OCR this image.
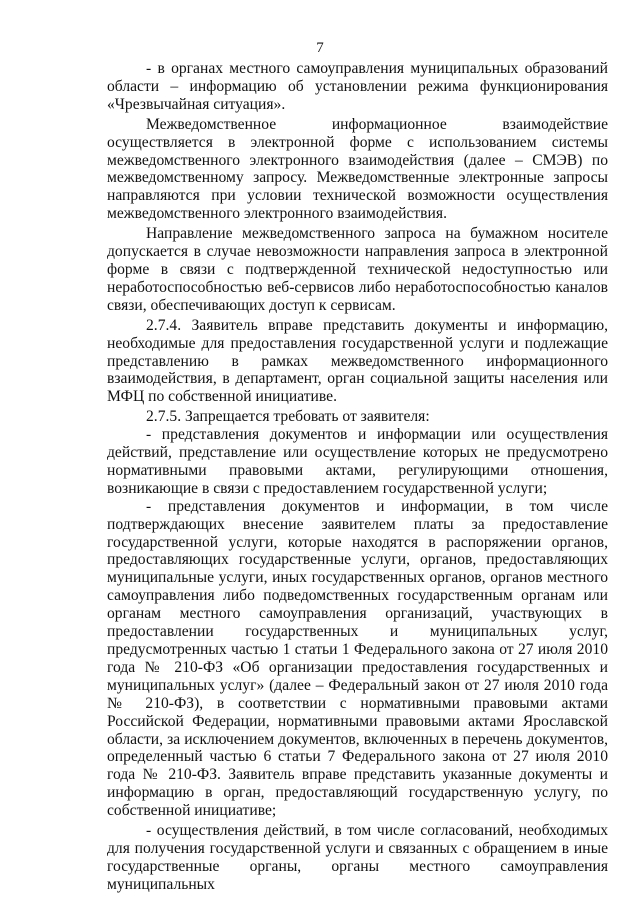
7

- в органах местного самоуправления муниципальных образований области – информацию об установлении режима функционирования «Чрезвычайная ситуация».

Межведомственное информационное взаимодействие осуществляется в электронной форме с использованием системы межведомственного электронного взаимодействия (далее – СМЭВ) по межведомственному запросу. Межведомственные электронные запросы направляются при условии технической возможности осуществления межведомственного электронного взаимодействия.

Направление межведомственного запроса на бумажном носителе допускается в случае невозможности направления запроса в электронной форме в связи с подтвержденной технической недоступностью или неработоспособностью веб-сервисов либо неработоспособностью каналов связи, обеспечивающих доступ к сервисам.

2.7.4. Заявитель вправе представить документы и информацию, необходимые для предоставления государственной услуги и подлежащие представлению в рамках межведомственного информационного взаимодействия, в департамент, орган социальной защиты населения или МФЦ по собственной инициативе.

2.7.5. Запрещается требовать от заявителя:

- представления документов и информации или осуществления действий, представление или осуществление которых не предусмотрено нормативными правовыми актами, регулирующими отношения, возникающие в связи с предоставлением государственной услуги;

- представления документов и информации, в том числе подтверждающих внесение заявителем платы за предоставление государственной услуги, которые находятся в распоряжении органов, предоставляющих государственные услуги, органов, предоставляющих муниципальные услуги, иных государственных органов, органов местного самоуправления либо подведомственных государственным органам или органам местного самоуправления организаций, участвующих в предоставлении государственных и муниципальных услуг, предусмотренных частью 1 статьи 1 Федерального закона от 27 июля 2010 года № 210-ФЗ «Об организации предоставления государственных и муниципальных услуг» (далее – Федеральный закон от 27 июля 2010 года № 210-ФЗ), в соответствии с нормативными правовыми актами Российской Федерации, нормативными правовыми актами Ярославской области, за исключением документов, включенных в перечень документов, определенный частью 6 статьи 7 Федерального закона от 27 июля 2010 года № 210-ФЗ. Заявитель вправе представить указанные документы и информацию в орган, предоставляющий государственную услугу, по собственной инициативе;

- осуществления действий, в том числе согласований, необходимых для получения государственной услуги и связанных с обращением в иные государственные органы, органы местного самоуправления муниципальных
